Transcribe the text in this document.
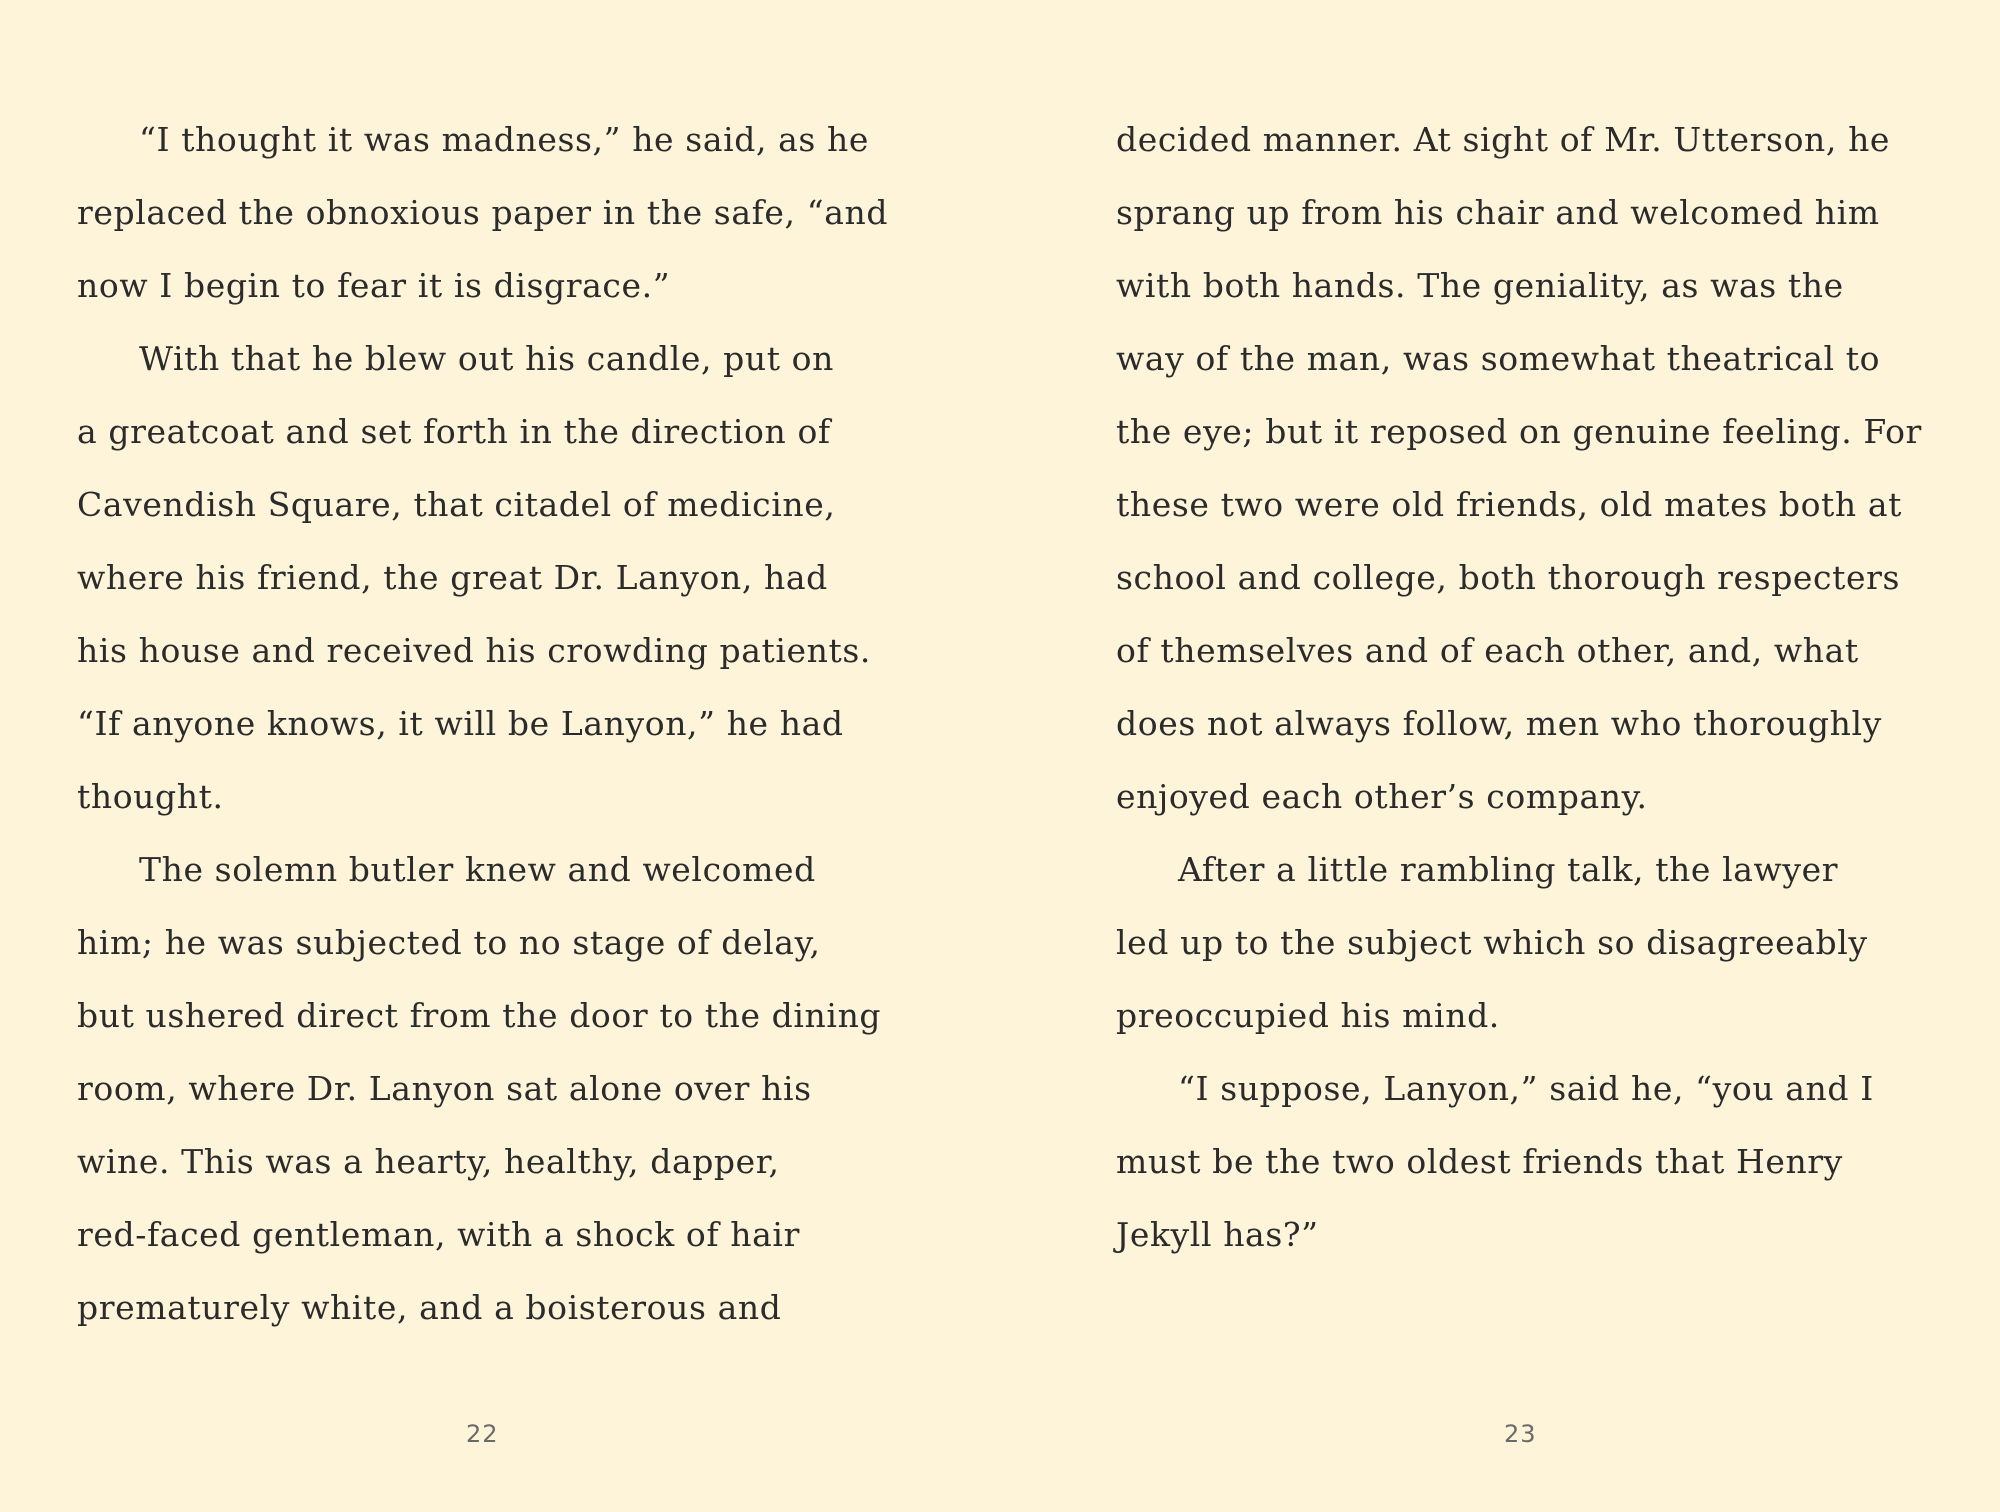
“I thought it was madness,” he said, as he
replaced the obnoxious paper in the safe, “and
now I begin to fear it is disgrace.”
With that he blew out his candle, put on
a greatcoat and set forth in the direction of
Cavendish Square, that citadel of medicine,
where his friend, the great Dr. Lanyon, had
his house and received his crowding patients.
“If anyone knows, it will be Lanyon,” he had
thought.
The solemn butler knew and welcomed
him; he was subjected to no stage of delay,
but ushered direct from the door to the dining
room, where Dr. Lanyon sat alone over his
wine. This was a hearty, healthy, dapper,
red-faced gentleman, with a shock of hair
prematurely white, and a boisterous and
22
decided manner. At sight of Mr. Utterson, he
sprang up from his chair and welcomed him
with both hands. The geniality, as was the
way of the man, was somewhat theatrical to
the eye; but it reposed on genuine feeling. For
these two were old friends, old mates both at
school and college, both thorough respecters
of themselves and of each other, and, what
does not always follow, men who thoroughly
enjoyed each other’s company.
After a little rambling talk, the lawyer
led up to the subject which so disagreeably
preoccupied his mind.
“I suppose, Lanyon,” said he, “you and I
must be the two oldest friends that Henry
Jekyll has?”
23
